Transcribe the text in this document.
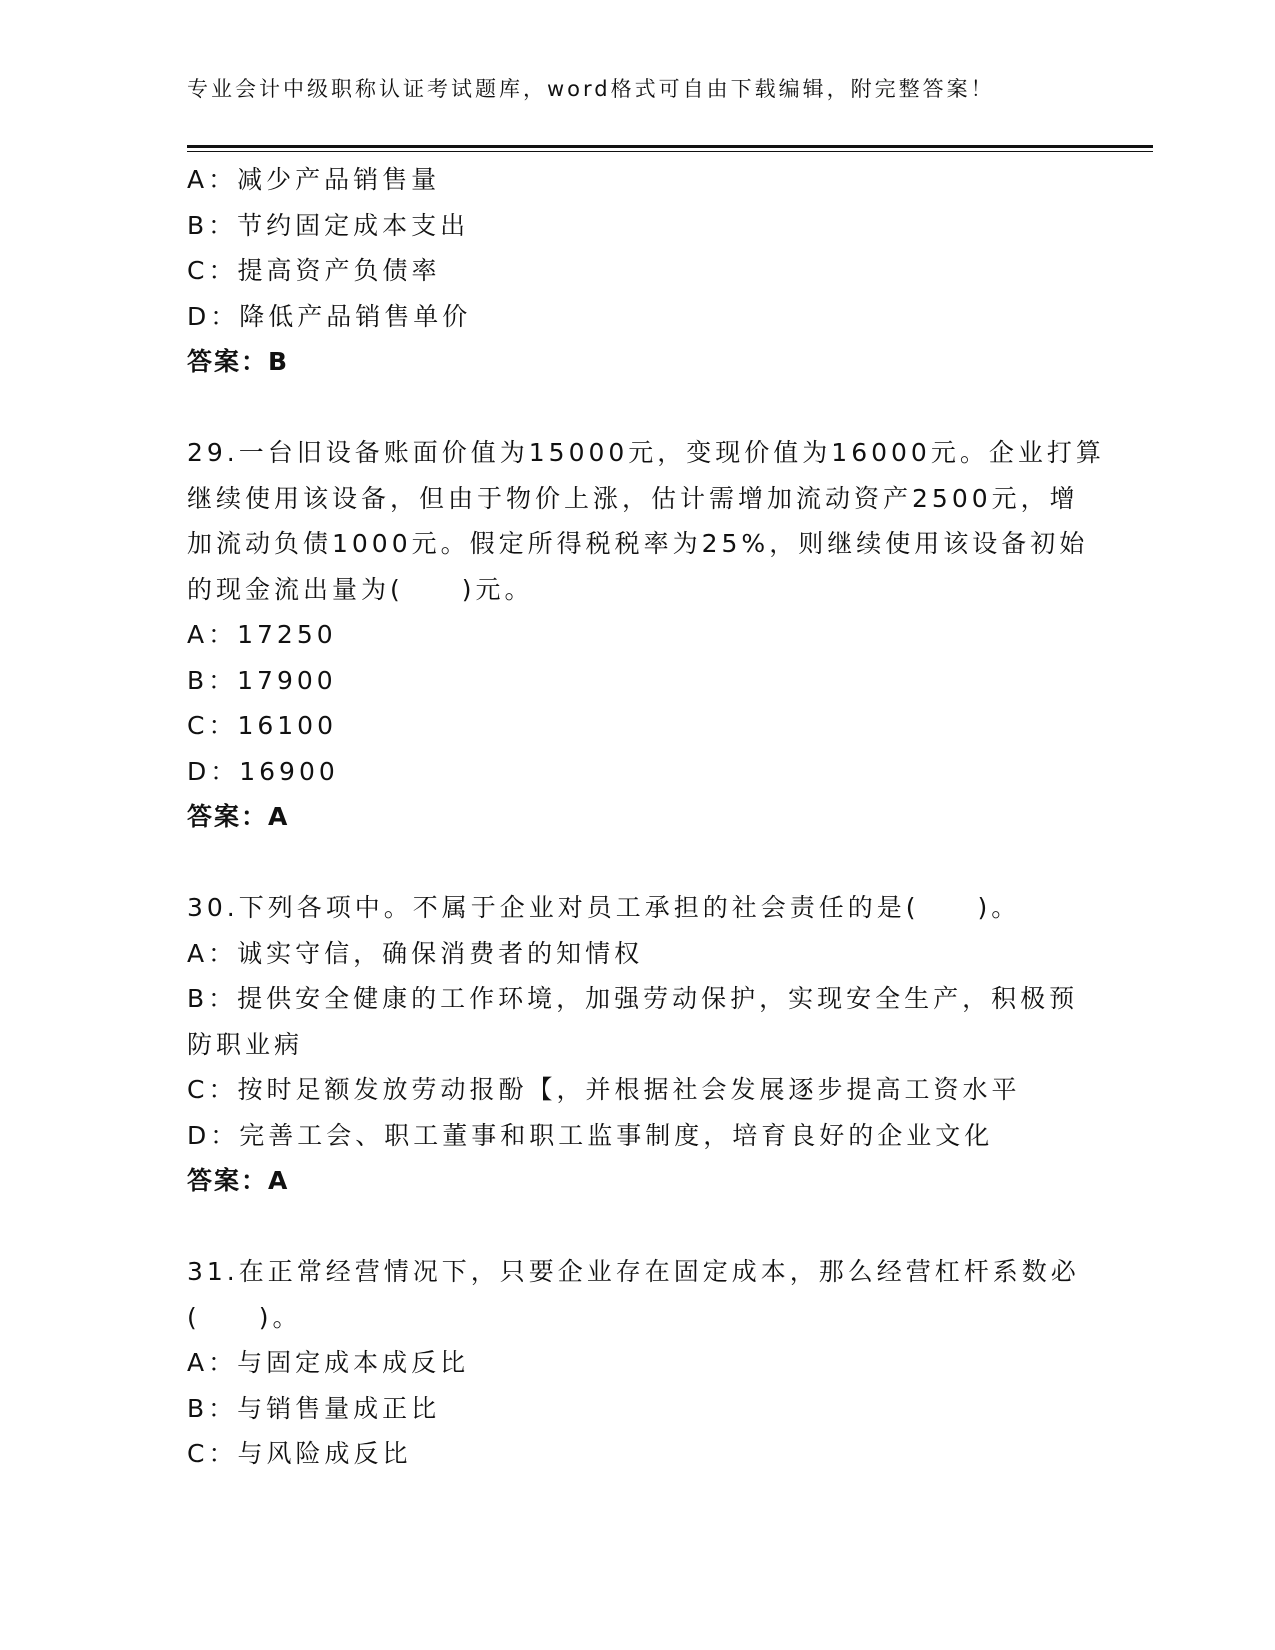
专业会计中级职称认证考试题库，word格式可自由下载编辑，附完整答案！
A：减少产品销售量
B：节约固定成本支出
C：提高资产负债率
D：降低产品销售单价
答案：B
29.一台旧设备账面价值为15000元，变现价值为16000元。企业打算
继续使用该设备，但由于物价上涨，估计需增加流动资产2500元，增
加流动负债1000元。假定所得税税率为25%，则继续使用该设备初始
的现金流出量为(　　)元。
A：17250
B：17900
C：16100
D：16900
答案：A
30.下列各项中。不属于企业对员工承担的社会责任的是(　　)。
A：诚实守信，确保消费者的知情权
B：提供安全健康的工作环境，加强劳动保护，实现安全生产，积极预
防职业病
C：按时足额发放劳动报酚【，并根据社会发展逐步提高工资水平
D：完善工会、职工董事和职工监事制度，培育良好的企业文化
答案：A
31.在正常经营情况下，只要企业存在固定成本，那么经营杠杆系数必
(　　)。
A：与固定成本成反比
B：与销售量成正比
C：与风险成反比
